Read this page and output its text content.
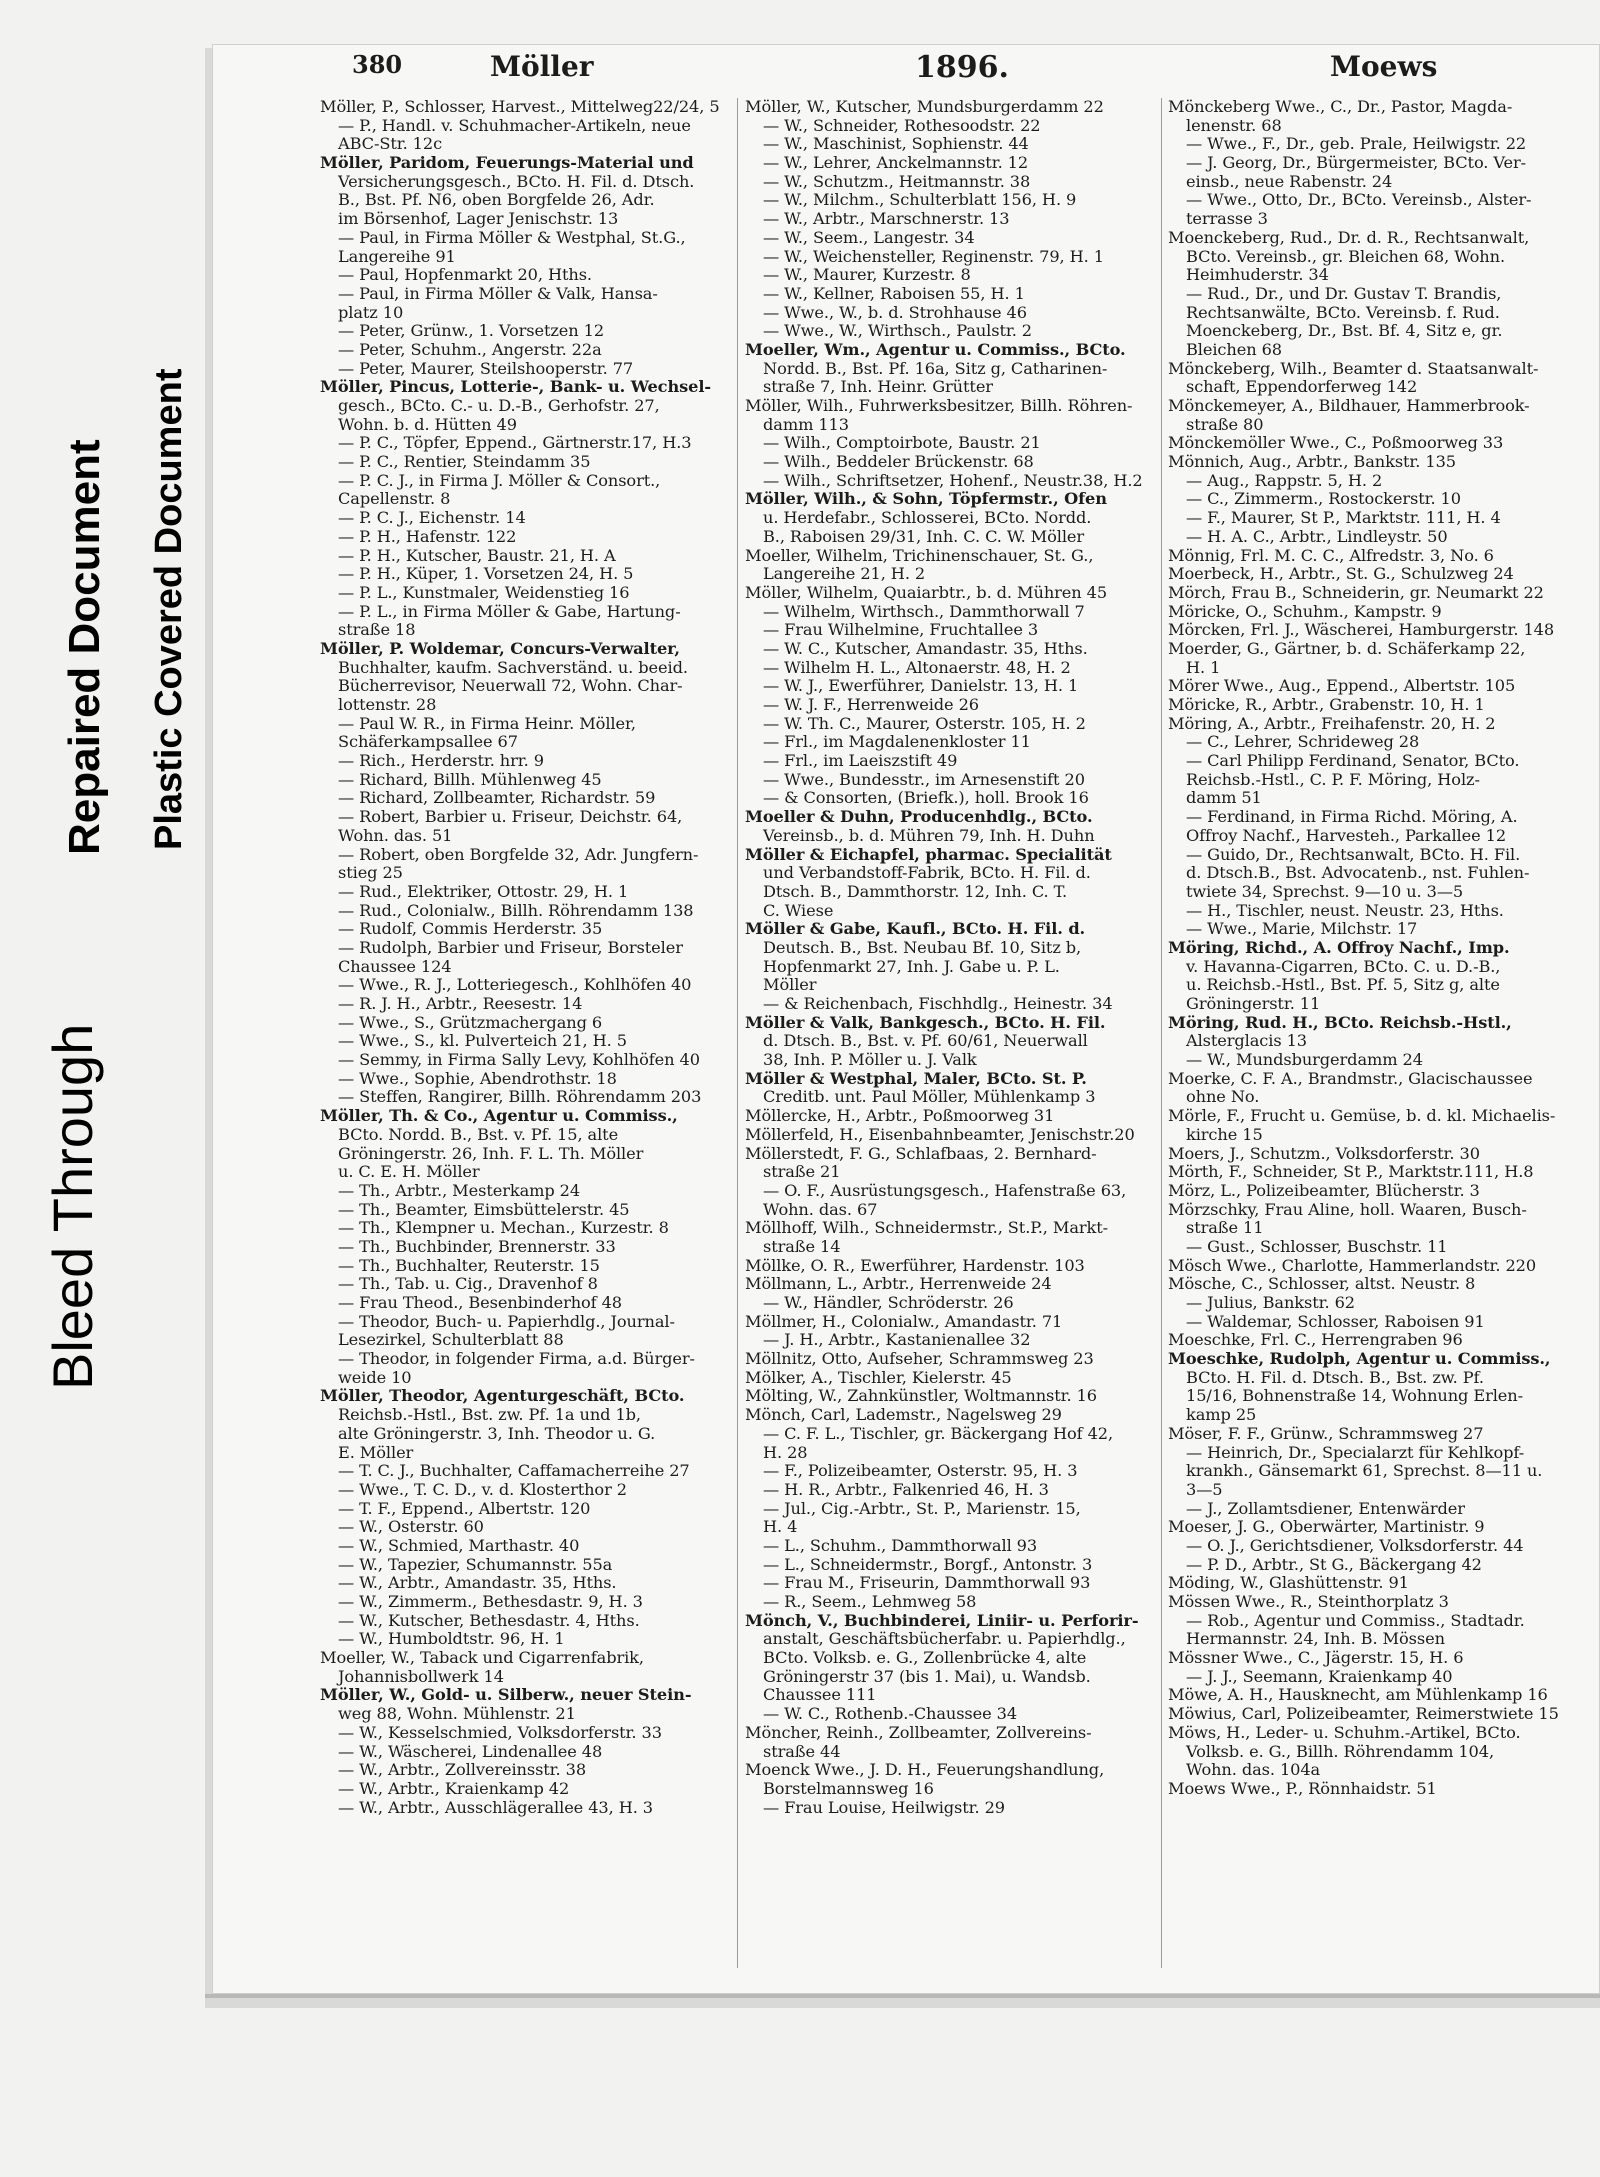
Bleed Through
Repaired Document Plastic Covered Document
380	Möller	1896.	Moews
Möller, P., Schlosser, Harvest., Mittelweg22/24, 5
— P., Handl. v. Schuhmacher-Artikeln, neue
ABC-Str. 12c
Möller, Paridom, Feuerungs-Material und
Versicherungsgesch., BCto. H. Fil. d. Dtsch.
B., Bst. Pf. N6, oben Borgfelde 26, Adr.
im Börsenhof, Lager Jenischstr. 13
— Paul, in Firma Möller & Westphal, St.G.,
Langereihe 91
— Paul, Hopfenmarkt 20, Hths.
— Paul, in Firma Möller & Valk, Hansa-
platz 10
— Peter, Grünw., 1. Vorsetzen 12
— Peter, Schuhm., Angerstr. 22a
— Peter, Maurer, Steilshooperstr. 77
Möller, Pincus, Lotterie-, Bank- u. Wechsel-
gesch., BCto. C.- u. D.-B., Gerhofstr. 27,
Wohn. b. d. Hütten 49
— P. C., Töpfer, Eppend., Gärtnerstr.17, H.3
— P. C., Rentier, Steindamm 35
— P. C. J., in Firma J. Möller & Consort.,
Capellenstr. 8
— P. C. J., Eichenstr. 14
— P. H., Hafenstr. 122
— P. H., Kutscher, Baustr. 21, H. A
— P. H., Küper, 1. Vorsetzen 24, H. 5
— P. L., Kunstmaler, Weidenstieg 16
— P. L., in Firma Möller & Gabe, Hartung-
straße 18
Möller, P. Woldemar, Concurs-Verwalter,
Buchhalter, kaufm. Sachverständ. u. beeid.
Bücherrevisor, Neuerwall 72, Wohn. Char-
lottenstr. 28
— Paul W. R., in Firma Heinr. Möller,
Schäferkampsallee 67
— Rich., Herderstr. hrr. 9
— Richard, Billh. Mühlenweg 45
— Richard, Zollbeamter, Richardstr. 59
— Robert, Barbier u. Friseur, Deichstr. 64,
Wohn. das. 51
— Robert, oben Borgfelde 32, Adr. Jungfern-
stieg 25
— Rud., Elektriker, Ottostr. 29, H. 1
— Rud., Colonialw., Billh. Röhrendamm 138
— Rudolf, Commis Herderstr. 35
— Rudolph, Barbier und Friseur, Borsteler
Chaussee 124
— Wwe., R. J., Lotteriegesch., Kohlhöfen 40
— R. J. H., Arbtr., Reesestr. 14
— Wwe., S., Grützmachergang 6
— Wwe., S., kl. Pulverteich 21, H. 5
— Semmy, in Firma Sally Levy, Kohlhöfen 40
— Wwe., Sophie, Abendrothstr. 18
— Steffen, Rangirer, Billh. Röhrendamm 203
Möller, Th. & Co., Agentur u. Commiss.,
BCto. Nordd. B., Bst. v. Pf. 15, alte
Gröningerstr. 26, Inh. F. L. Th. Möller
u. C. E. H. Möller
— Th., Arbtr., Mesterkamp 24
— Th., Beamter, Eimsbüttelerstr. 45
— Th., Klempner u. Mechan., Kurzestr. 8
— Th., Buchbinder, Brennerstr. 33
— Th., Buchhalter, Reuterstr. 15
— Th., Tab. u. Cig., Dravenhof 8
— Frau Theod., Besenbinderhof 48
— Theodor, Buch- u. Papierhdlg., Journal-
Lesezirkel, Schulterblatt 88
— Theodor, in folgender Firma, a.d. Bürger-
weide 10
Möller, Theodor, Agenturgeschäft, BCto.
Reichsb.-Hstl., Bst. zw. Pf. 1a und 1b,
alte Gröningerstr. 3, Inh. Theodor u. G.
E. Möller
— T. C. J., Buchhalter, Caffamacherreihe 27
— Wwe., T. C. D., v. d. Klosterthor 2
— T. F., Eppend., Albertstr. 120
— W., Osterstr. 60
— W., Schmied, Marthastr. 40
— W., Tapezier, Schumannstr. 55a
— W., Arbtr., Amandastr. 35, Hths.
— W., Zimmerm., Bethesdastr. 9, H. 3
— W., Kutscher, Bethesdastr. 4, Hths.
— W., Humboldtstr. 96, H. 1
Moeller, W., Taback und Cigarrenfabrik,
Johannisbollwerk 14
Möller, W., Gold- u. Silberw., neuer Stein-
weg 88, Wohn. Mühlenstr. 21
— W., Kesselschmied, Volksdorferstr. 33
— W., Wäscherei, Lindenallee 48
— W., Arbtr., Zollvereinsstr. 38
— W., Arbtr., Kraienkamp 42
— W., Arbtr., Ausschlägerallee 43, H. 3
Möller, W., Kutscher, Mundsburgerdamm 22
— W., Schneider, Rothesoodstr. 22
— W., Maschinist, Sophienstr. 44
— W., Lehrer, Anckelmannstr. 12
— W., Schutzm., Heitmannstr. 38
— W., Milchm., Schulterblatt 156, H. 9
— W., Arbtr., Marschnerstr. 13
— W., Seem., Langestr. 34
— W., Weichensteller, Reginenstr. 79, H. 1
— W., Maurer, Kurzestr. 8
— W., Kellner, Raboisen 55, H. 1
— Wwe., W., b. d. Strohhause 46
— Wwe., W., Wirthsch., Paulstr. 2
Moeller, Wm., Agentur u. Commiss., BCto.
Nordd. B., Bst. Pf. 16a, Sitz g, Catharinen-
straße 7, Inh. Heinr. Grütter
Möller, Wilh., Fuhrwerksbesitzer, Billh. Röhren-
damm 113
— Wilh., Comptoirbote, Baustr. 21
— Wilh., Beddeler Brückenstr. 68
— Wilh., Schriftsetzer, Hohenf., Neustr.38, H.2
Möller, Wilh., & Sohn, Töpfermstr., Ofen
u. Herdefabr., Schlosserei, BCto. Nordd.
B., Raboisen 29/31, Inh. C. C. W. Möller
Moeller, Wilhelm, Trichinenschauer, St. G.,
Langereihe 21, H. 2
Möller, Wilhelm, Quaiarbtr., b. d. Mühren 45
— Wilhelm, Wirthsch., Dammthorwall 7
— Frau Wilhelmine, Fruchtallee 3
— W. C., Kutscher, Amandastr. 35, Hths.
— Wilhelm H. L., Altonaerstr. 48, H. 2
— W. J., Ewerführer, Danielstr. 13, H. 1
— W. J. F., Herrenweide 26
— W. Th. C., Maurer, Osterstr. 105, H. 2
— Frl., im Magdalenenkloster 11
— Frl., im Laeiszstift 49
— Wwe., Bundesstr., im Arnesenstift 20
— & Consorten, (Briefk.), holl. Brook 16
Moeller & Duhn, Producenhdlg., BCto.
Vereinsb., b. d. Mühren 79, Inh. H. Duhn
Möller & Eichapfel, pharmac. Specialität
und Verbandstoff-Fabrik, BCto. H. Fil. d.
Dtsch. B., Dammthorstr. 12, Inh. C. T.
C. Wiese
Möller & Gabe, Kaufl., BCto. H. Fil. d.
Deutsch. B., Bst. Neubau Bf. 10, Sitz b,
Hopfenmarkt 27, Inh. J. Gabe u. P. L.
Möller
— & Reichenbach, Fischhdlg., Heinestr. 34
Möller & Valk, Bankgesch., BCto. H. Fil.
d. Dtsch. B., Bst. v. Pf. 60/61, Neuerwall
38, Inh. P. Möller u. J. Valk
Möller & Westphal, Maler, BCto. St. P.
Creditb. unt. Paul Möller, Mühlenkamp 3
Möllercke, H., Arbtr., Poßmoorweg 31
Möllerfeld, H., Eisenbahnbeamter, Jenischstr.20
Möllerstedt, F. G., Schlafbaas, 2. Bernhard-
straße 21
— O. F., Ausrüstungsgesch., Hafenstraße 63,
Wohn. das. 67
Möllhoff, Wilh., Schneidermstr., St.P., Markt-
straße 14
Möllke, O. R., Ewerführer, Hardenstr. 103
Möllmann, L., Arbtr., Herrenweide 24
— W., Händler, Schröderstr. 26
Möllmer, H., Colonialw., Amandastr. 71
— J. H., Arbtr., Kastanienallee 32
Möllnitz, Otto, Aufseher, Schrammsweg 23
Mölker, A., Tischler, Kielerstr. 45
Mölting, W., Zahnkünstler, Woltmannstr. 16
Mönch, Carl, Lademstr., Nagelsweg 29
— C. F. L., Tischler, gr. Bäckergang Hof 42,
H. 28
— F., Polizeibeamter, Osterstr. 95, H. 3
— H. R., Arbtr., Falkenried 46, H. 3
— Jul., Cig.-Arbtr., St. P., Marienstr. 15,
H. 4
— L., Schuhm., Dammthorwall 93
— L., Schneidermstr., Borgf., Antonstr. 3
— Frau M., Friseurin, Dammthorwall 93
— R., Seem., Lehmweg 58
Mönch, V., Buchbinderei, Liniir- u. Perforir-
anstalt, Geschäftsbücherfabr. u. Papierhdlg.,
BCto. Volksb. e. G., Zollenbrücke 4, alte
Gröningerstr 37 (bis 1. Mai), u. Wandsb.
Chaussee 111
— W. C., Rothenb.-Chaussee 34
Möncher, Reinh., Zollbeamter, Zollvereins-
straße 44
Moenck Wwe., J. D. H., Feuerungshandlung,
Borstelmannsweg 16
— Frau Louise, Heilwigstr. 29
Mönckeberg Wwe., C., Dr., Pastor, Magda-
lenenstr. 68
— Wwe., F., Dr., geb. Prale, Heilwigstr. 22
— J. Georg, Dr., Bürgermeister, BCto. Ver-
einsb., neue Rabenstr. 24
— Wwe., Otto, Dr., BCto. Vereinsb., Alster-
terrasse 3
Moenckeberg, Rud., Dr. d. R., Rechtsanwalt,
BCto. Vereinsb., gr. Bleichen 68, Wohn.
Heimhuderstr. 34
— Rud., Dr., und Dr. Gustav T. Brandis,
Rechtsanwälte, BCto. Vereinsb. f. Rud.
Moenckeberg, Dr., Bst. Bf. 4, Sitz e, gr.
Bleichen 68
Mönckeberg, Wilh., Beamter d. Staatsanwalt-
schaft, Eppendorferweg 142
Mönckemeyer, A., Bildhauer, Hammerbrook-
straße 80
Mönckemöller Wwe., C., Poßmoorweg 33
Mönnich, Aug., Arbtr., Bankstr. 135
— Aug., Rappstr. 5, H. 2
— C., Zimmerm., Rostockerstr. 10
— F., Maurer, St P., Marktstr. 111, H. 4
— H. A. C., Arbtr., Lindleystr. 50
Mönnig, Frl. M. C. C., Alfredstr. 3, No. 6
Moerbeck, H., Arbtr., St. G., Schulzweg 24
Mörch, Frau B., Schneiderin, gr. Neumarkt 22
Möricke, O., Schuhm., Kampstr. 9
Mörcken, Frl. J., Wäscherei, Hamburgerstr. 148
Moerder, G., Gärtner, b. d. Schäferkamp 22,
H. 1
Mörer Wwe., Aug., Eppend., Albertstr. 105
Möricke, R., Arbtr., Grabenstr. 10, H. 1
Möring, A., Arbtr., Freihafenstr. 20, H. 2
— C., Lehrer, Schrideweg 28
— Carl Philipp Ferdinand, Senator, BCto.
Reichsb.-Hstl., C. P. F. Möring, Holz-
damm 51
— Ferdinand, in Firma Richd. Möring, A.
Offroy Nachf., Harvesteh., Parkallee 12
— Guido, Dr., Rechtsanwalt, BCto. H. Fil.
d. Dtsch.B., Bst. Advocatenb., nst. Fuhlen-
twiete 34, Sprechst. 9—10 u. 3—5
— H., Tischler, neust. Neustr. 23, Hths.
— Wwe., Marie, Milchstr. 17
Möring, Richd., A. Offroy Nachf., Imp.
v. Havanna-Cigarren, BCto. C. u. D.-B.,
u. Reichsb.-Hstl., Bst. Pf. 5, Sitz g, alte
Gröningerstr. 11
Möring, Rud. H., BCto. Reichsb.-Hstl.,
Alsterglacis 13
— W., Mundsburgerdamm 24
Moerke, C. F. A., Brandmstr., Glacischaussee
ohne No.
Mörle, F., Frucht u. Gemüse, b. d. kl. Michaelis-
kirche 15
Moers, J., Schutzm., Volksdorferstr. 30
Mörth, F., Schneider, St P., Marktstr.111, H.8
Mörz, L., Polizeibeamter, Blücherstr. 3
Mörzschky, Frau Aline, holl. Waaren, Busch-
straße 11
— Gust., Schlosser, Buschstr. 11
Mösch Wwe., Charlotte, Hammerlandstr. 220
Mösche, C., Schlosser, altst. Neustr. 8
— Julius, Bankstr. 62
— Waldemar, Schlosser, Raboisen 91
Moeschke, Frl. C., Herrengraben 96
Moeschke, Rudolph, Agentur u. Commiss.,
BCto. H. Fil. d. Dtsch. B., Bst. zw. Pf.
15/16, Bohnenstraße 14, Wohnung Erlen-
kamp 25
Möser, F. F., Grünw., Schrammsweg 27
— Heinrich, Dr., Specialarzt für Kehlkopf-
krankh., Gänsemarkt 61, Sprechst. 8—11 u.
3—5
— J., Zollamtsdiener, Entenwärder
Moeser, J. G., Oberwärter, Martinistr. 9
— O. J., Gerichtsdiener, Volksdorferstr. 44
— P. D., Arbtr., St G., Bäckergang 42
Möding, W., Glashüttenstr. 91
Mössen Wwe., R., Steinthorplatz 3
— Rob., Agentur und Commiss., Stadtadr.
Hermannstr. 24, Inh. B. Mössen
Mössner Wwe., C., Jägerstr. 15, H. 6
— J. J., Seemann, Kraienkamp 40
Möwe, A. H., Hausknecht, am Mühlenkamp 16
Möwius, Carl, Polizeibeamter, Reimerstwiete 15
Möws, H., Leder- u. Schuhm.-Artikel, BCto.
Volksb. e. G., Billh. Röhrendamm 104,
Wohn. das. 104a
Moews Wwe., P., Rönnhaidstr. 51
